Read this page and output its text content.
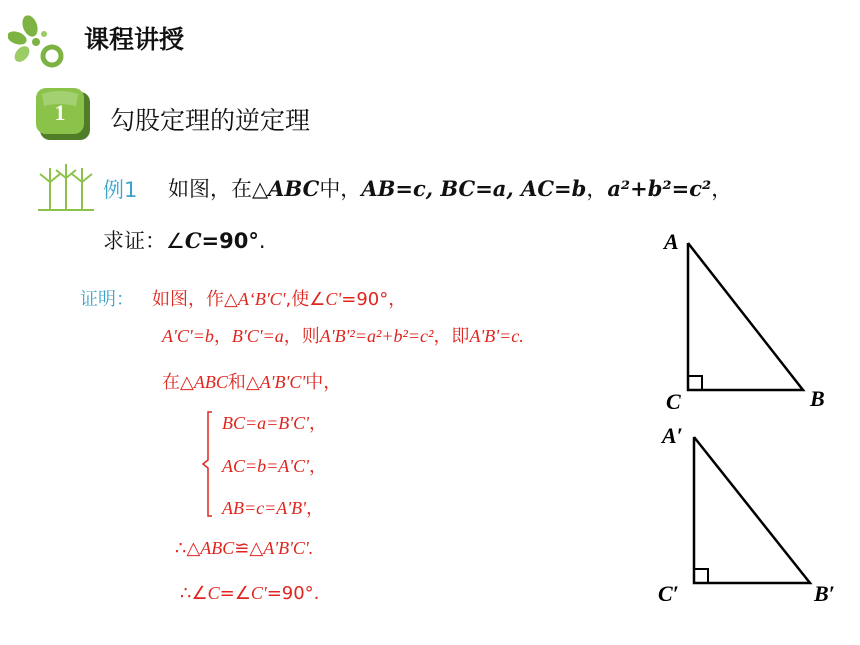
课程讲授
1 勾股定理的逆定理
例1 如图，在△ABC中，AB=c, BC=a, AC=b，a²+b²=c²，
求证：∠C=90°.
证明： 如图，作△A‘B'C',使∠C'=90°，
A'C'=b，B'C'=a，则A'B'²=a²+b²=c²，即A'B'=c.
在△ABC和△A'B'C'中，
BC=a=B'C'，
AC=b=A'C'，
AB=c=A'B'，
∴△ABC≌△A'B'C'.
∴∠C=∠C'=90°.
A
C	B
A′
C′	B′
